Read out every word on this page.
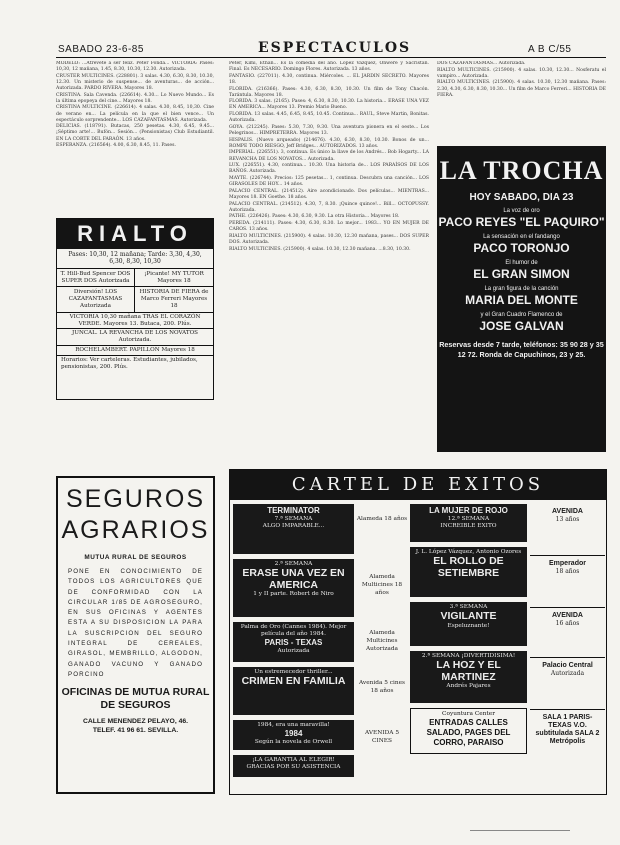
SABADO 23-6-85	ESPECTACULOS	A B C/55

MODELO: ...Atrévete a ser feliz. Peter Fonda... VICTORIA: Pases: 10,30, 12 mañana, 1.45, 8.30, 10.30, 12.30. Autorizada.

CRUSTER MULTICINES. (228801). 3 salas. 4.30, 6.30, 8.30, 10.30, 12.30. Un misterio de suspense... de aventuras... de acción... Autorizada. PARDO RIVERA. Mayores 18.

CRISTINA. Sala Cavenda. (226614). 4.30... Lo Nuevo Mundo... Es la última epopeya del cine... Mayores 18.

CRISTINA MULTICINE. (226614). 4 salas. 4.30, 8.45, 10,30. Cine de verano en... La película en la que el bien vence... Un espectáculo sorprendente... LOS CAZAFANTASMAS. Autorizada.

DELICIAS. (118791). Butacas, 250 pesetas. 4.30, 6.45, 9.45... ¡Séptimo arte!... Bufón... Sesión... (Pensionistas) Club Estudiantil. EN LA CORTE DEL FARAÓN. 13 años.

ESPERANZA. (216564). 4.00, 6.30, 8.45, 11. Pases.

RIALTO
Pases: 10,30, 12 mañana; Tarde: 3,30, 4,30, 6,30, 8,30, 10,30
T. Hill-Bud Spencer DOS SUPER DOS Autorizada
¡Picante! MY TUTOR Mayores 18
Diversión! LOS CAZAFANTASMAS Autorizada
HISTORIA DE FIERA de Marco Ferreri Mayores 18
VICTORIA 10,30 mañana TRAS EL CORAZÓN VERDE. Mayores 13. Butaca, 200. Plús.
JUNCAL. LA REVANCHA DE LOS NOVATOS Autorizada.
ROCHELAMBERT. PAPILLON Mayores 18
Horarios: Ver carteleras. Estudiantes, jubilados, pensionistas, 200. Plús.
SEGUROS
AGRARIOS
MUTUA RURAL DE SEGUROS
PONE EN CONOCIMIENTO DE TODOS LOS AGRICULTORES QUE DE CONFORMIDAD CON LA CIRCULAR 1/85 DE AGROSEGURO, EN SUS OFICINAS Y AGENTES ESTA A SU DISPOSICION LA PARA LA SUSCRIPCION DEL SEGURO INTEGRAL DE CEREALES, GIRASOL, MEMBRILLO, ALGODON, GANADO VACUNO Y GANADO PORCINO
OFICINAS DE MUTUA RURAL DE SEGUROS
CALLE MENENDEZ PELAYO, 46.
TELEF. 41 96 61. SEVILLA.

Peter, Kimi, Ethan... Es la comedia del año. López Vázquez, Onwere y Sacristán. Final. Es NECESARIO. Domingo Flores. Autorizada. 13 años.

FANTASIO. (227011). 4.30, continua. Miércoles. ... EL JARDIN SECRETO. Mayores 18.

FLORIDA. (216366). Pases: 4.30, 6.30, 8.30, 10.30. Un film de Tony Chacón. Tarántula. Mayores 18.

FLORIDA. 3 salas. (2165). Pases: 4, 6.30, 8.30, 10.30. La historia... ERASE UNA VEZ EN AMERICA... Mayores 13. Premio Mario Bueno.

FLORIDA. 13 salas. 4.45, 6.45, 8.45, 10.45. Continua... RAUL, Steve Martin, Bonitas. Autorizada.

GOYA. (212245). Pases: 5.30, 7.30, 9.30. Una aventura pionera en el oeste... Los Pelegrinos... HIMPRETERRA. Mayores 13.

HISPALIS. (Nuevo arqueado) (214676). 4.30, 6.30, 8.30, 10.30. Bonos de un... ROMPE TODO RIESGO, Jeff Bridges... AUTORIZADOS. 13 años.

IMPERIAL. (226551). 3, continua. Es único la llave de los Andrés... Bob Hogarty... LA REVANCHA DE LOS NOVATOS... Autorizada.

LUX. (226551). 4.30, continua... 10.30. Una historia de... LOS PARAÍSOS DE LOS BAÑOS. Autorizada.

MAYTE. (226744). Precios: 125 pesetas... 1, continua. Descubra una canción... LOS GIRASOLES DE HOY... 14 años.

PALACIO CENTRAL. (214512). Aire acondicionado. Dos películas... MIENTRAS... Mayores 18. EN Goethe. 18 años.

PALACIO CENTRAL. (214512). 4.30, 7, 8.30. ¡Quince quince!... Bill... OCTOPUSSY. Autorizada.

PATHE. (226426). Pases: 4.30, 6.30, 9.30. La otra Historia... Mayores 18.

PEREDA. (214111). Pases: 4.30, 6.30, 8.30. Lo mejor... 1983... YO EN MUJER DE CAROS. 13 años.

RIALTO MULTICINES. (215900). 4 salas. 10.30, 12.30 mañana, pases... DOS SUPER DOS. Autorizada.

RIALTO MULTICINES. (215900). 4 salas. 10.30, 12.30 mañana. ...8.30, 10.30.

DOS CAZAFANTASMAS... Autorizada.

RIALTO MULTICINES. (215900). 4 salas. 10.30, 12.30... Nosferatu el vampiro... Autorizada.

RIALTO MULTICINES. (215900). 4 salas. 10.30, 12.30 mañana. Pases: 2.30, 4.30, 6.30, 8.30, 10.30... Un film de Marco Ferreri... HISTORIA DE FIERA.

LA TROCHA
HOY SABADO, DIA 23
La voz de oro
PACO REYES "EL PAQUIRO"
La sensación en el fandango
PACO TORONJO
El humor de
EL GRAN SIMON
La gran figura de la canción
MARIA DEL MONTE
y el Gran Cuadro Flamenco de
JOSE GALVAN
Reservas desde 7 tarde, teléfonos: 35 90 28 y 35 12 72. Ronda de Capuchinos, 23 y 25.
CARTEL DE EXITOS
TERMINATOR
7.ª SEMANA
ALGO IMPARABLE...
2.ª SEMANA
ERASE UNA VEZ EN AMERICA
1 y II parte. Robert de Niro
Palma de Oro (Cannes 1984). Mejor película del año 1984.
PARIS - TEXAS
Autorizada
Un estremecedor thriller...
CRIMEN EN FAMILIA
1984, era una maravilla!
1984
Según la novela de Orwell
¡LA GARANTIA AL ELEGIR!
GRACIAS POR SU ASISTENCIA
Alameda 18 años
Alameda Multicines 18 años
Alameda Multicines Autorizada
Avenida 5 cines 18 años
AVENIDA 5 CINES
LA MUJER DE ROJO
12.ª SEMANA
INCREIBLE EXITO
J. L. López Vázquez, Antonio Ozores
EL ROLLO DE SETIEMBRE
3.ª SEMANA
VIGILANTE
Espeluznante!
2.ª SEMANA ¡DIVERTIDISIMA!
LA HOZ Y EL MARTINEZ
Andrés Pajares
Coyuntura Center
ENTRADAS CALLES SALADO, PAGES DEL CORRO, PARAISO
AVENIDA
13 años
Emperador
18 años
AVENIDA
16 años
Palacio Central
Autorizada
SALA 1 PARIS-TEXAS V.O. subtitulada SALA 2 Metrópolis
